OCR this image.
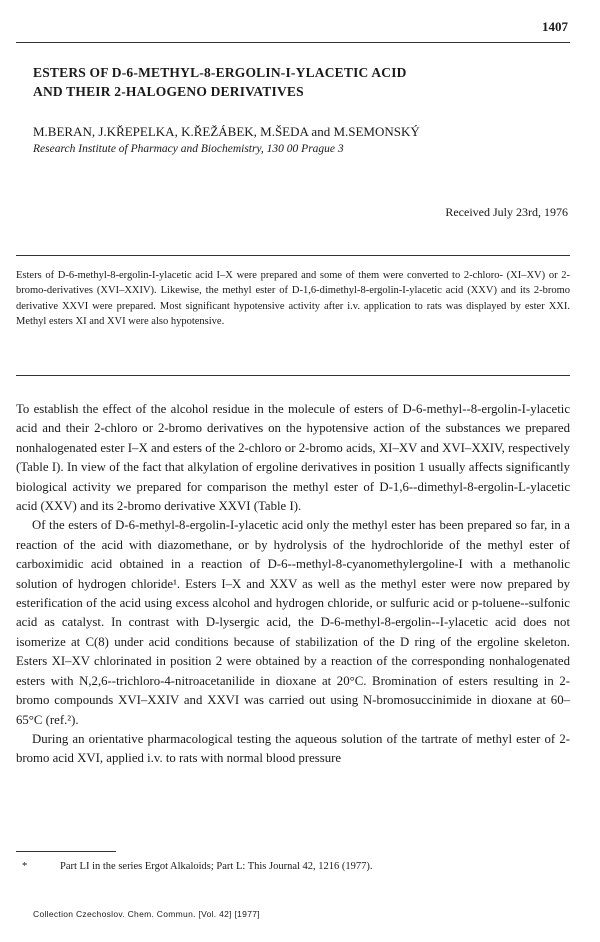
1407
ESTERS OF D-6-METHYL-8-ERGOLIN-I-YLACETIC ACID
AND THEIR 2-HALOGENO DERIVATIVES
M.BERAN, J.KŘEPELKA, K.ŘEŽÁBEK, M.ŠEDA and M.SEMONSKÝ
Research Institute of Pharmacy and Biochemistry, 130 00 Prague 3
Received July 23rd, 1976
Esters of D-6-methyl-8-ergolin-I-ylacetic acid I–X were prepared and some of them were converted to 2-chloro- (XI–XV) or 2-bromo-derivatives (XVI–XXIV). Likewise, the methyl ester of D-1,6-dimethyl-8-ergolin-I-ylacetic acid (XXV) and its 2-bromo derivative XXVI were prepared. Most significant hypotensive activity after i.v. application to rats was displayed by ester XXI. Methyl esters XI and XVI were also hypotensive.

To establish the effect of the alcohol residue in the molecule of esters of D-6-methyl--8-ergolin-I-ylacetic acid and their 2-chloro or 2-bromo derivatives on the hypotensive action of the substances we prepared nonhalogenated ester I–X and esters of the 2-chloro or 2-bromo acids, XI–XV and XVI–XXIV, respectively (Table I). In view of the fact that alkylation of ergoline derivatives in position 1 usually affects significantly biological activity we prepared for comparison the methyl ester of D-1,6--dimethyl-8-ergolin-L-ylacetic acid (XXV) and its 2-bromo derivative XXVI (Table I).

Of the esters of D-6-methyl-8-ergolin-I-ylacetic acid only the methyl ester has been prepared so far, in a reaction of the acid with diazomethane, or by hydrolysis of the hydrochloride of the methyl ester of carboximidic acid obtained in a reaction of D-6--methyl-8-cyanomethylergoline-I with a methanolic solution of hydrogen chloride¹. Esters I–X and XXV as well as the methyl ester were now prepared by esterification of the acid using excess alcohol and hydrogen chloride, or sulfuric acid or p-toluene--sulfonic acid as catalyst. In contrast with D-lysergic acid, the D-6-methyl-8-ergolin--I-ylacetic acid does not isomerize at C(8) under acid conditions because of stabilization of the D ring of the ergoline skeleton. Esters XI–XV chlorinated in position 2 were obtained by a reaction of the corresponding nonhalogenated esters with N,2,6--trichloro-4-nitroacetanilide in dioxane at 20°C. Bromination of esters resulting in 2-bromo compounds XVI–XXIV and XXVI was carried out using N-bromosuccinimide in dioxane at 60–65°C (ref.²).

During an orientative pharmacological testing the aqueous solution of the tartrate of methyl ester of 2-bromo acid XVI, applied i.v. to rats with normal blood pressure

*	Part LI in the series Ergot Alkaloids; Part L: This Journal 42, 1216 (1977).
Collection Czechoslov. Chem. Commun. [Vol. 42] [1977]
